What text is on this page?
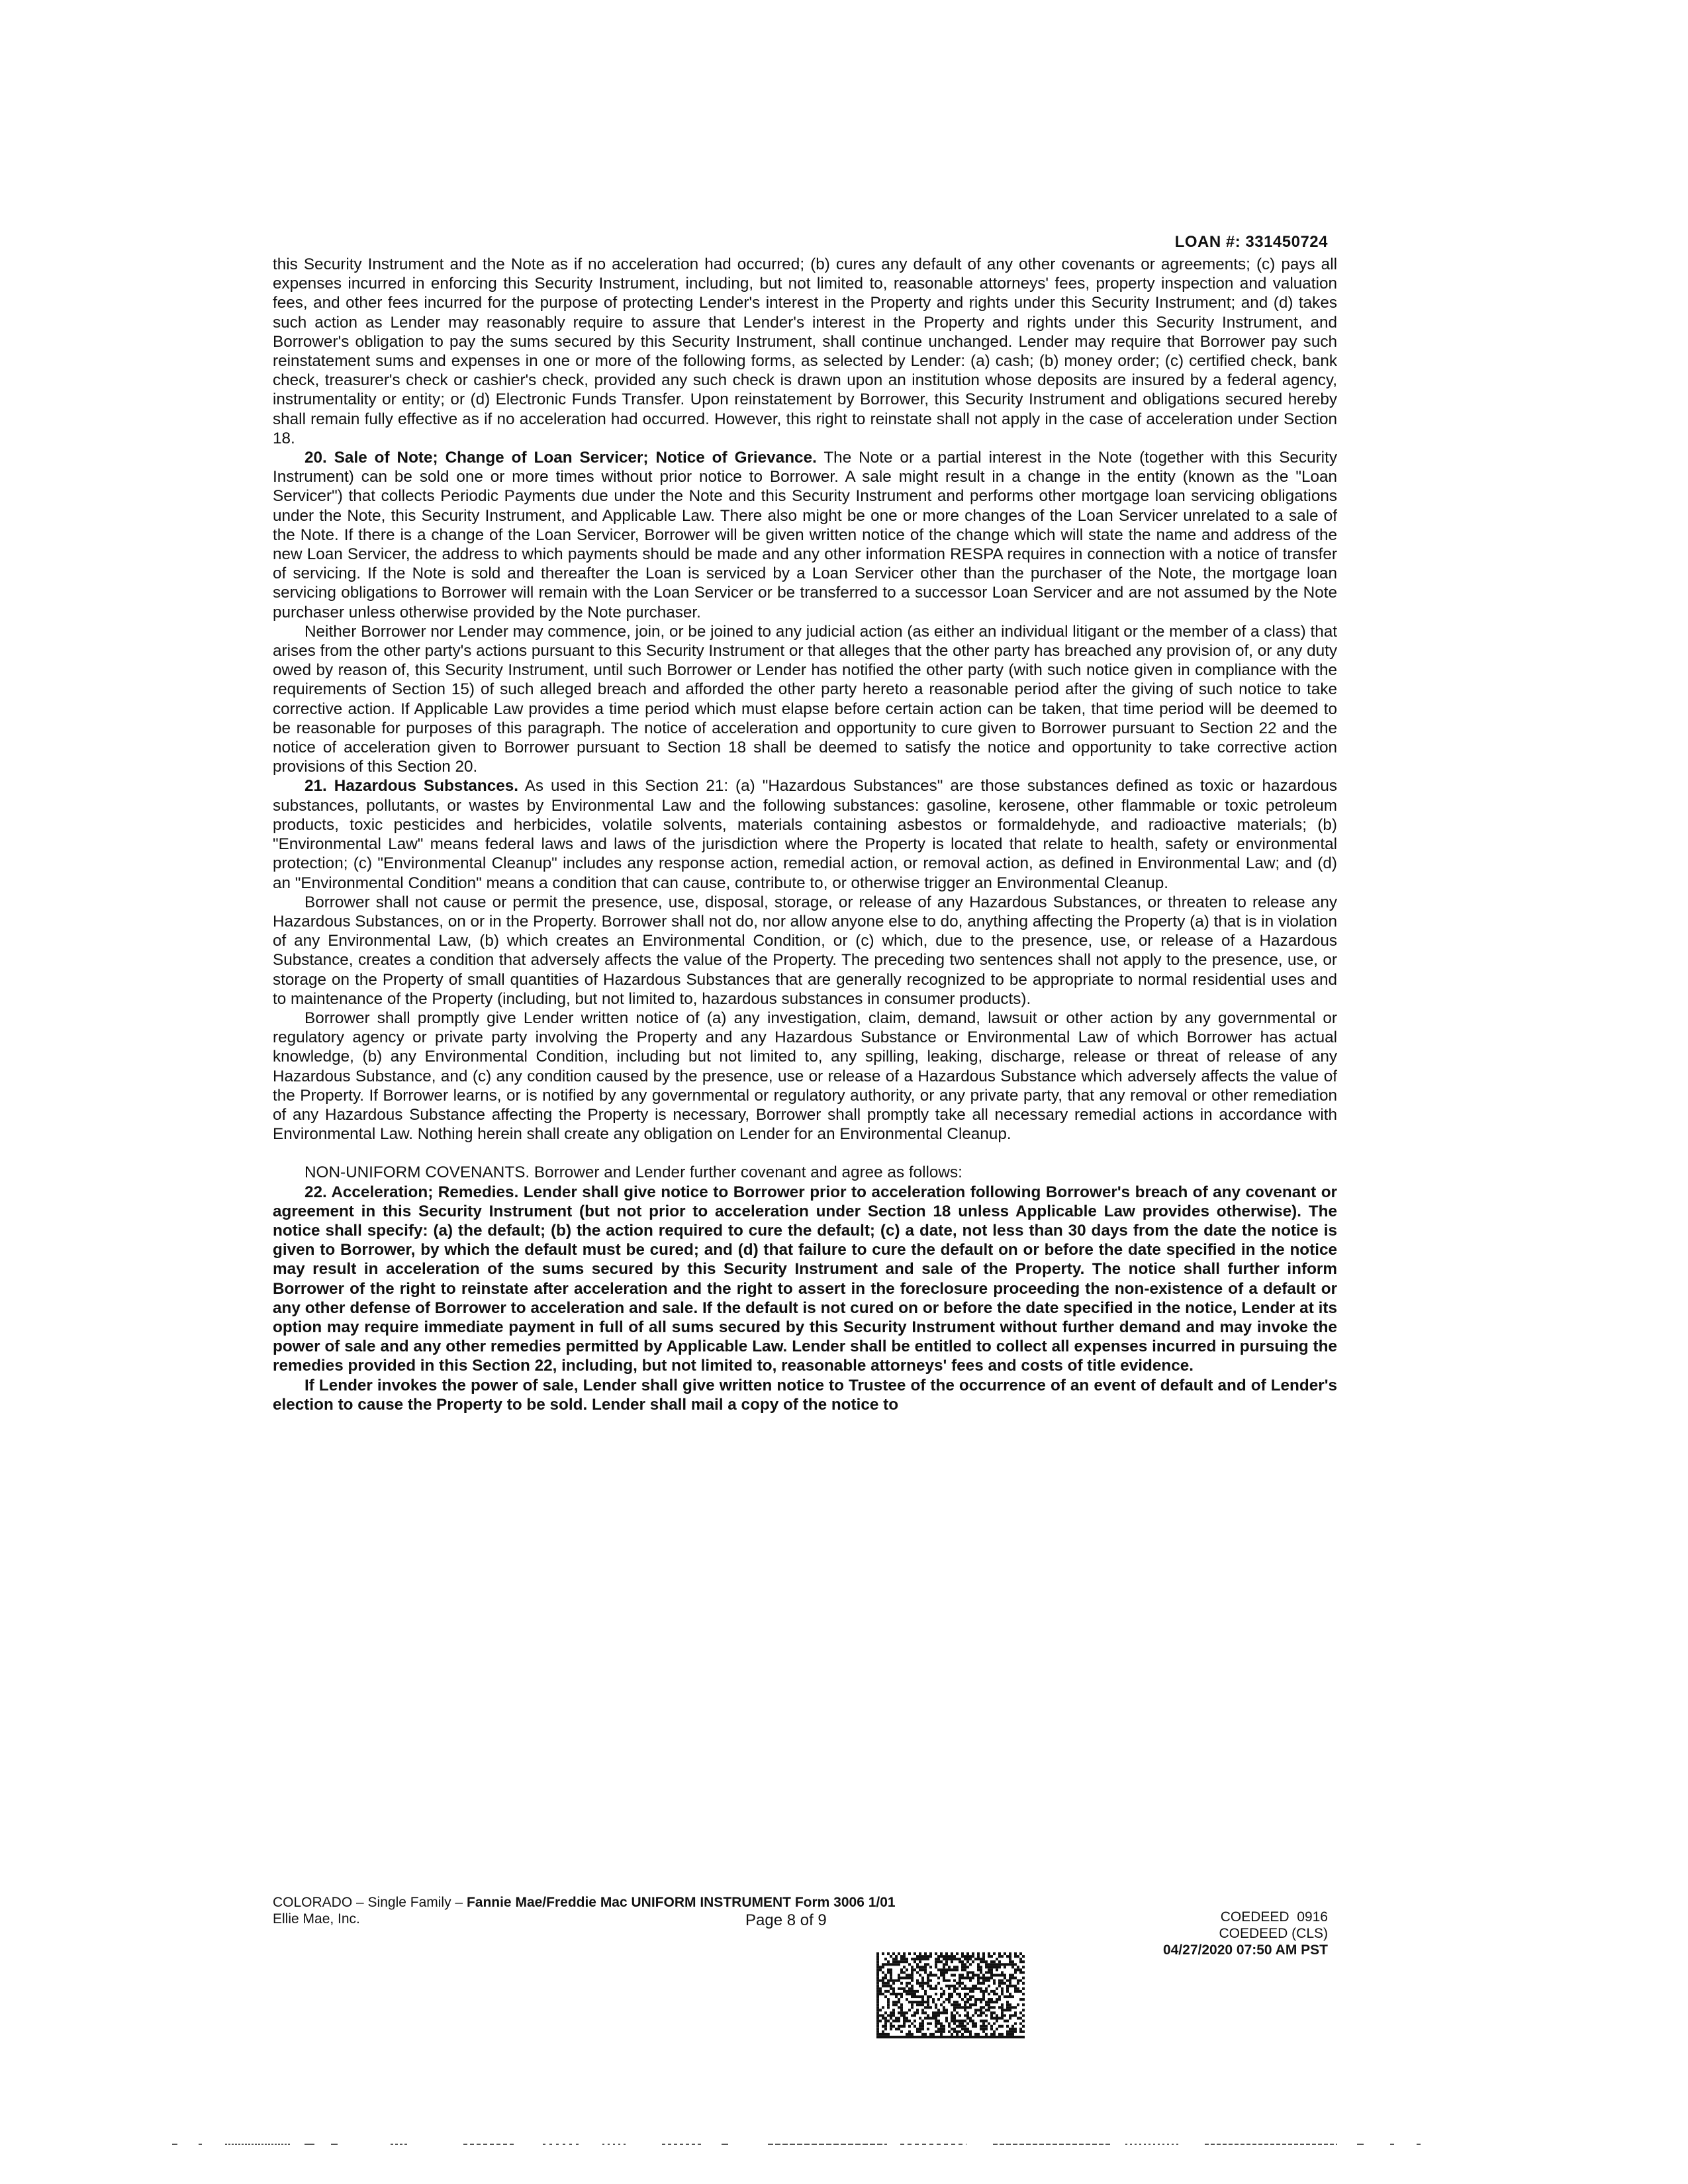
LOAN #: 331450724

this Security Instrument and the Note as if no acceleration had occurred; (b) cures any default of any other covenants or agreements; (c) pays all expenses incurred in enforcing this Security Instrument, including, but not limited to, reasonable attorneys' fees, property inspection and valuation fees, and other fees incurred for the purpose of protecting Lender's interest in the Property and rights under this Security Instrument; and (d) takes such action as Lender may reasonably require to assure that Lender's interest in the Property and rights under this Security Instrument, and Borrower's obligation to pay the sums secured by this Security Instrument, shall continue unchanged. Lender may require that Borrower pay such reinstatement sums and expenses in one or more of the following forms, as selected by Lender: (a) cash; (b) money order; (c) certified check, bank check, treasurer's check or cashier's check, provided any such check is drawn upon an institution whose deposits are insured by a federal agency, instrumentality or entity; or (d) Electronic Funds Transfer. Upon reinstatement by Borrower, this Security Instrument and obligations secured hereby shall remain fully effective as if no acceleration had occurred. However, this right to reinstate shall not apply in the case of acceleration under Section 18.

20. Sale of Note; Change of Loan Servicer; Notice of Grievance. The Note or a partial interest in the Note (together with this Security Instrument) can be sold one or more times without prior notice to Borrower. A sale might result in a change in the entity (known as the "Loan Servicer") that collects Periodic Payments due under the Note and this Security Instrument and performs other mortgage loan servicing obligations under the Note, this Security Instrument, and Applicable Law. There also might be one or more changes of the Loan Servicer unrelated to a sale of the Note. If there is a change of the Loan Servicer, Borrower will be given written notice of the change which will state the name and address of the new Loan Servicer, the address to which payments should be made and any other information RESPA requires in connection with a notice of transfer of servicing. If the Note is sold and thereafter the Loan is serviced by a Loan Servicer other than the purchaser of the Note, the mortgage loan servicing obligations to Borrower will remain with the Loan Servicer or be transferred to a successor Loan Servicer and are not assumed by the Note purchaser unless otherwise provided by the Note purchaser.

Neither Borrower nor Lender may commence, join, or be joined to any judicial action (as either an individual litigant or the member of a class) that arises from the other party's actions pursuant to this Security Instrument or that alleges that the other party has breached any provision of, or any duty owed by reason of, this Security Instrument, until such Borrower or Lender has notified the other party (with such notice given in compliance with the requirements of Section 15) of such alleged breach and afforded the other party hereto a reasonable period after the giving of such notice to take corrective action. If Applicable Law provides a time period which must elapse before certain action can be taken, that time period will be deemed to be reasonable for purposes of this paragraph. The notice of acceleration and opportunity to cure given to Borrower pursuant to Section 22 and the notice of acceleration given to Borrower pursuant to Section 18 shall be deemed to satisfy the notice and opportunity to take corrective action provisions of this Section 20.

21. Hazardous Substances. As used in this Section 21: (a) "Hazardous Substances" are those substances defined as toxic or hazardous substances, pollutants, or wastes by Environmental Law and the following substances: gasoline, kerosene, other flammable or toxic petroleum products, toxic pesticides and herbicides, volatile solvents, materials containing asbestos or formaldehyde, and radioactive materials; (b) "Environmental Law" means federal laws and laws of the jurisdiction where the Property is located that relate to health, safety or environmental protection; (c) "Environmental Cleanup" includes any response action, remedial action, or removal action, as defined in Environmental Law; and (d) an "Environmental Condition" means a condition that can cause, contribute to, or otherwise trigger an Environmental Cleanup.

Borrower shall not cause or permit the presence, use, disposal, storage, or release of any Hazardous Substances, or threaten to release any Hazardous Substances, on or in the Property. Borrower shall not do, nor allow anyone else to do, anything affecting the Property (a) that is in violation of any Environmental Law, (b) which creates an Environmental Condition, or (c) which, due to the presence, use, or release of a Hazardous Substance, creates a condition that adversely affects the value of the Property. The preceding two sentences shall not apply to the presence, use, or storage on the Property of small quantities of Hazardous Substances that are generally recognized to be appropriate to normal residential uses and to maintenance of the Property (including, but not limited to, hazardous substances in consumer products).

Borrower shall promptly give Lender written notice of (a) any investigation, claim, demand, lawsuit or other action by any governmental or regulatory agency or private party involving the Property and any Hazardous Substance or Environmental Law of which Borrower has actual knowledge, (b) any Environmental Condition, including but not limited to, any spilling, leaking, discharge, release or threat of release of any Hazardous Substance, and (c) any condition caused by the presence, use or release of a Hazardous Substance which adversely affects the value of the Property. If Borrower learns, or is notified by any governmental or regulatory authority, or any private party, that any removal or other remediation of any Hazardous Substance affecting the Property is necessary, Borrower shall promptly take all necessary remedial actions in accordance with Environmental Law. Nothing herein shall create any obligation on Lender for an Environmental Cleanup.

NON-UNIFORM COVENANTS. Borrower and Lender further covenant and agree as follows:

22. Acceleration; Remedies. Lender shall give notice to Borrower prior to acceleration following Borrower's breach of any covenant or agreement in this Security Instrument (but not prior to acceleration under Section 18 unless Applicable Law provides otherwise). The notice shall specify: (a) the default; (b) the action required to cure the default; (c) a date, not less than 30 days from the date the notice is given to Borrower, by which the default must be cured; and (d) that failure to cure the default on or before the date specified in the notice may result in acceleration of the sums secured by this Security Instrument and sale of the Property. The notice shall further inform Borrower of the right to reinstate after acceleration and the right to assert in the foreclosure proceeding the non-existence of a default or any other defense of Borrower to acceleration and sale. If the default is not cured on or before the date specified in the notice, Lender at its option may require immediate payment in full of all sums secured by this Security Instrument without further demand and may invoke the power of sale and any other remedies permitted by Applicable Law. Lender shall be entitled to collect all expenses incurred in pursuing the remedies provided in this Section 22, including, but not limited to, reasonable attorneys' fees and costs of title evidence.

If Lender invokes the power of sale, Lender shall give written notice to Trustee of the occurrence of an event of default and of Lender's election to cause the Property to be sold. Lender shall mail a copy of the notice to

COLORADO – Single Family – Fannie Mae/Freddie Mac UNIFORM INSTRUMENT Form 3006 1/01
Ellie Mae, Inc.	Page 8 of 9	COEDEED  0916
COEDEED (CLS)
04/27/2020 07:50 AM PST
